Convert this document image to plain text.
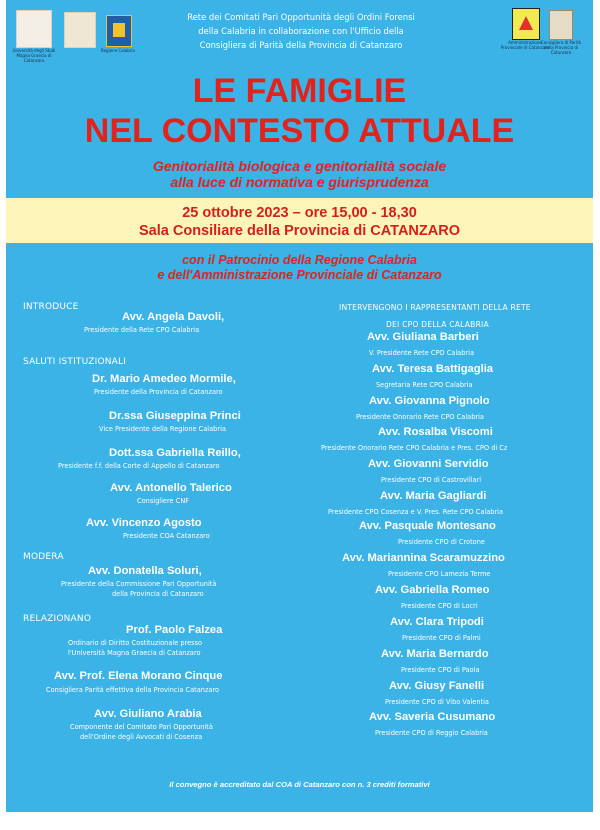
Università degli Studi Magna Graecia di Catanzaro
Regione Calabria
Amministrazione Provinciale di Catanzaro
Consigliera di Parità della Provincia di Catanzaro
Rete dei Comitati Pari Opportunità degli Ordini Forensi
della Calabria in collaborazione con l'Ufficio della
Consigliera di Parità della Provincia di Catanzaro
LE FAMIGLIE
NEL CONTESTO ATTUALE
Genitorialità biologica e genitorialità sociale
alla luce di normativa e giurisprudenza
25 ottobre 2023 – ore 15,00 - 18,30
Sala Consiliare della Provincia di CATANZARO
con il Patrocinio della Regione Calabria
e dell'Amministrazione Provinciale di Catanzaro
INTRODUCE
Avv. Angela Davoli,
Presidente della Rete CPO Calabria
SALUTI ISTITUZIONALI
Dr. Mario Amedeo Mormile,
Presidente della Provincia di Catanzaro
Dr.ssa Giuseppina Princi
Vice Presidente della Regione Calabria
Dott.ssa Gabriella Reillo,
Presidente f.f. della Corte di Appello di Catanzaro
Avv. Antonello Talerico
Consigliere CNF
Avv. Vincenzo Agosto
Presidente COA Catanzaro
MODERA
Avv. Donatella Soluri,
Presidente della Commissione Pari Opportunità
della Provincia di Catanzaro
RELAZIONANO
Prof. Paolo Falzea
Ordinario di Diritto Costituzionale presso
l'Università Magna Graecia di Catanzaro
Avv. Prof. Elena Morano Cinque
Consigliera Parità effettiva della Provincia Catanzaro
Avv. Giuliano Arabia
Componente del Comitato Pari Opportunità
dell'Ordine degli Avvocati di Cosenza
INTERVENGONO I RAPPRESENTANTI DELLA RETE
DEI CPO DELLA CALABRIA
Avv. Giuliana Barberi
V. Presidente Rete CPO Calabria
Avv. Teresa Battigaglia
Segretaria Rete CPO Calabria
Avv. Giovanna Pignolo
Presidente Onorario Rete CPO Calabria
Avv. Rosalba Viscomi
Presidente Onorario Rete CPO Calabria e Pres. CPO di Cz
Avv. Giovanni Servidio
Presidente CPO di Castrovillari
Avv. Maria Gagliardi
Presidente CPO Cosenza e V. Pres. Rete CPO Calabria
Avv. Pasquale Montesano
Presidente CPO di Crotone
Avv. Mariannina Scaramuzzino
Presidente CPO Lamezia Terme
Avv. Gabriella Romeo
Presidente CPO di Locri
Avv. Clara Tripodi
Presidente CPO di Palmi
Avv. Maria Bernardo
Presidente CPO di Paola
Avv. Giusy Fanelli
Presidente CPO di Vibo Valentia
Avv. Saveria Cusumano
Presidente CPO di Reggio Calabria
Il convegno è accreditato dal COA di Catanzaro con n. 3 crediti formativi
